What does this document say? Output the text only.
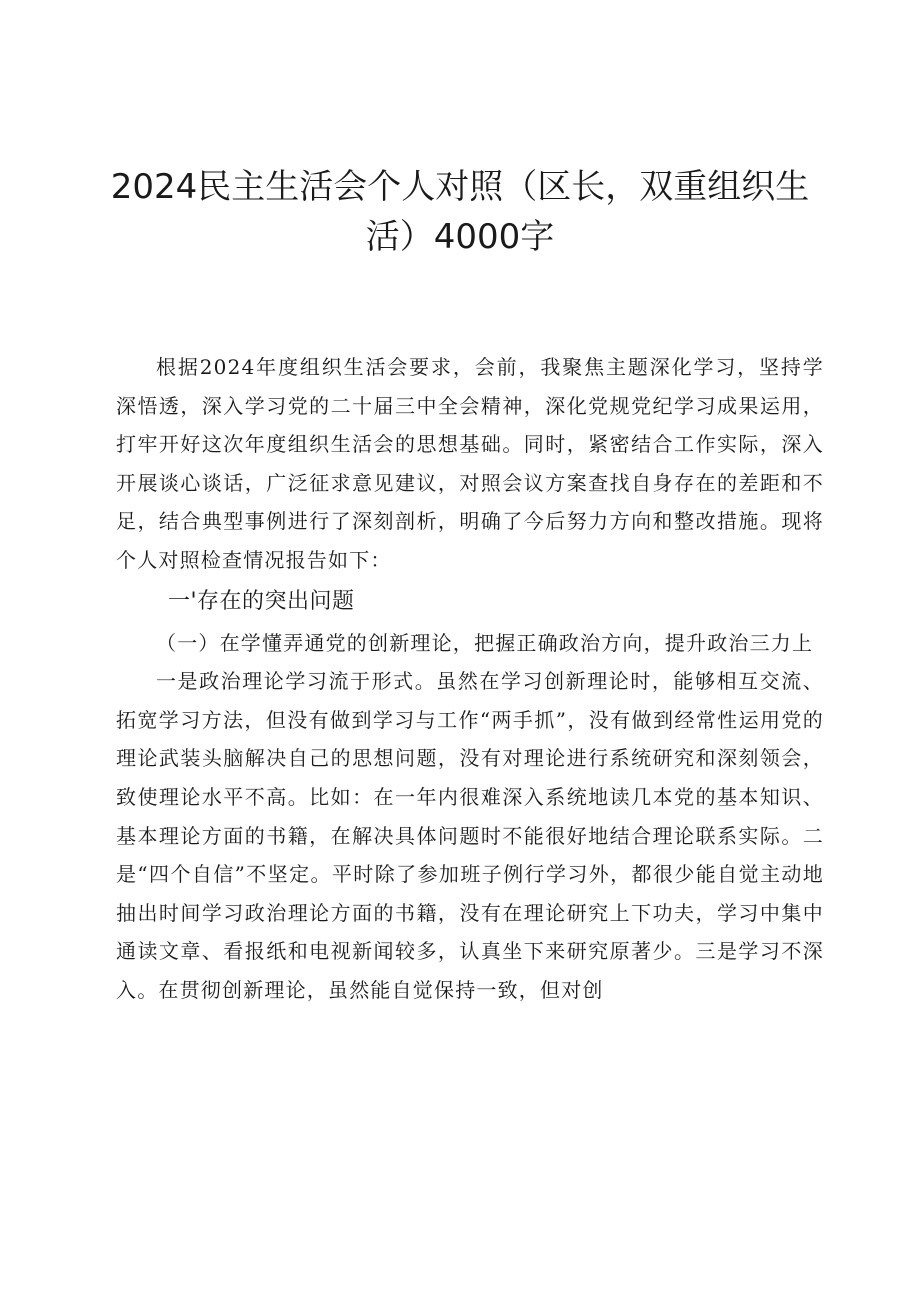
2024民主生活会个人对照（区长，双重组织生
活）4000字

根据2024年度组织生活会要求，会前，我聚焦主题深化学习，坚持学深悟透，深入学习党的二十届三中全会精神，深化党规党纪学习成果运用，打牢开好这次年度组织生活会的思想基础。同时，紧密结合工作实际，深入开展谈心谈话，广泛征求意见建议，对照会议方案查找自身存在的差距和不足，结合典型事例进行了深刻剖析，明确了今后努力方向和整改措施。现将个人对照检查情况报告如下：

一'存在的突出问题

（一）在学懂弄通党的创新理论，把握正确政治方向，提升政治三力上

一是政治理论学习流于形式。虽然在学习创新理论时，能够相互交流、拓宽学习方法，但没有做到学习与工作“两手抓”，没有做到经常性运用党的理论武装头脑解决自己的思想问题，没有对理论进行系统研究和深刻领会，致使理论水平不高。比如：在一年内很难深入系统地读几本党的基本知识、基本理论方面的书籍，在解决具体问题时不能很好地结合理论联系实际。二是“四个自信”不坚定。平时除了参加班子例行学习外，都很少能自觉主动地抽出时间学习政治理论方面的书籍，没有在理论研究上下功夫，学习中集中通读文章、看报纸和电视新闻较多，认真坐下来研究原著少。三是学习不深入。在贯彻创新理论，虽然能自觉保持一致，但对创
